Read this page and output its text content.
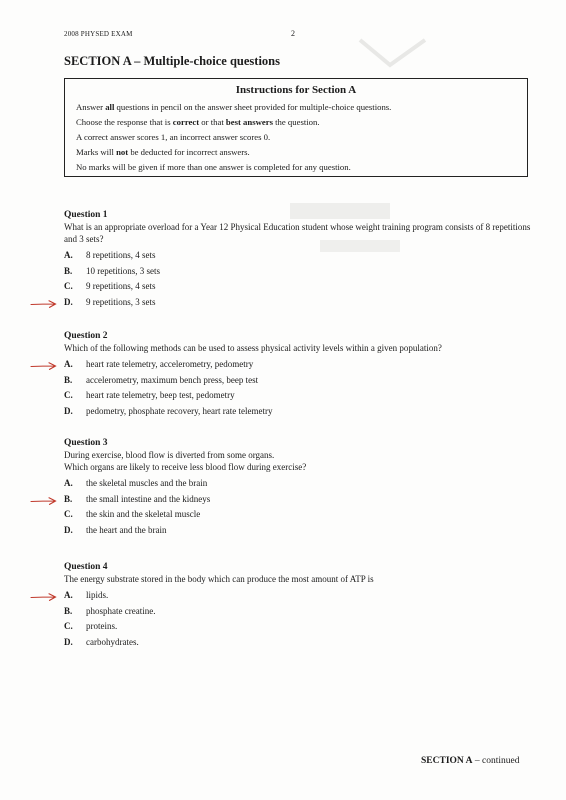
2008 PHYSED EXAM	2
SECTION A – Multiple-choice questions
Instructions for Section A
Answer all questions in pencil on the answer sheet provided for multiple-choice questions.
Choose the response that is correct or that best answers the question.
A correct answer scores 1, an incorrect answer scores 0.
Marks will not be deducted for incorrect answers.
No marks will be given if more than one answer is completed for any question.
Question 1
What is an appropriate overload for a Year 12 Physical Education student whose weight training program consists of 8 repetitions and 3 sets?
A. 8 repetitions, 4 sets
B. 10 repetitions, 3 sets
C. 9 repetitions, 4 sets
D. 9 repetitions, 3 sets
Question 2
Which of the following methods can be used to assess physical activity levels within a given population?
A. heart rate telemetry, accelerometry, pedometry
B. accelerometry, maximum bench press, beep test
C. heart rate telemetry, beep test, pedometry
D. pedometry, phosphate recovery, heart rate telemetry
Question 3
During exercise, blood flow is diverted from some organs.
Which organs are likely to receive less blood flow during exercise?
A. the skeletal muscles and the brain
B. the small intestine and the kidneys
C. the skin and the skeletal muscle
D. the heart and the brain
Question 4
The energy substrate stored in the body which can produce the most amount of ATP is
A. lipids.
B. phosphate creatine.
C. proteins.
D. carbohydrates.
SECTION A – continued
